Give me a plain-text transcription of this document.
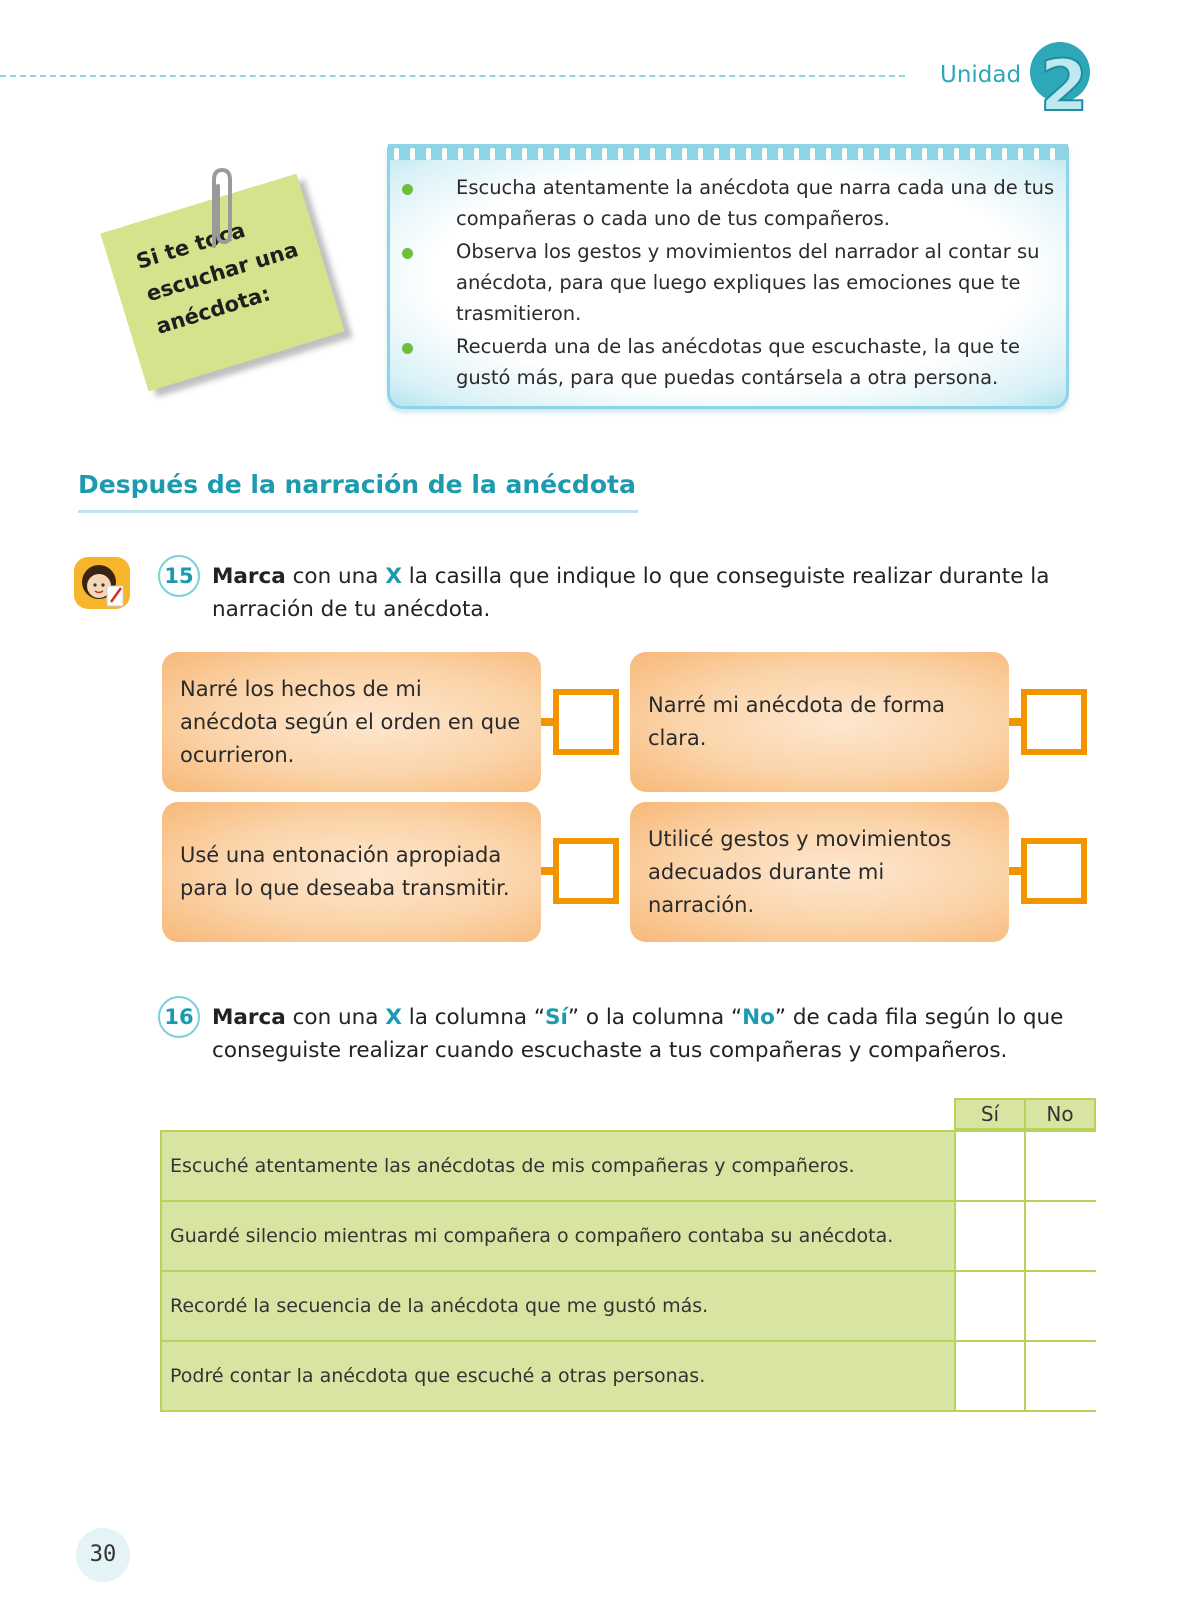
Unidad 2
Si te toca escuchar una anécdota:
Escucha atentamente la anécdota que narra cada una de tus compañeras o cada uno de tus compañeros.
Observa los gestos y movimientos del narrador al contar su anécdota, para que luego expliques las emociones que te trasmitieron.
Recuerda una de las anécdotas que escuchaste, la que te gustó más, para que puedas contársela a otra persona.
Después de la narración de la anécdota
15 Marca con una X la casilla que indique lo que conseguiste realizar durante la narración de tu anécdota.
Narré los hechos de mi anécdota según el orden en que ocurrieron.
Narré mi anécdota de forma clara.
Usé una entonación apropiada para lo que deseaba transmitir.
Utilicé gestos y movimientos adecuados durante mi narración.
16 Marca con una X la columna “Sí” o la columna “No” de cada fila según lo que conseguiste realizar cuando escuchaste a tus compañeras y compañeros.
Sí	No
Escuché atentamente las anécdotas de mis compañeras y compañeros.
Guardé silencio mientras mi compañera o compañero contaba su anécdota.
Recordé la secuencia de la anécdota que me gustó más.
Podré contar la anécdota que escuché a otras personas.
30
